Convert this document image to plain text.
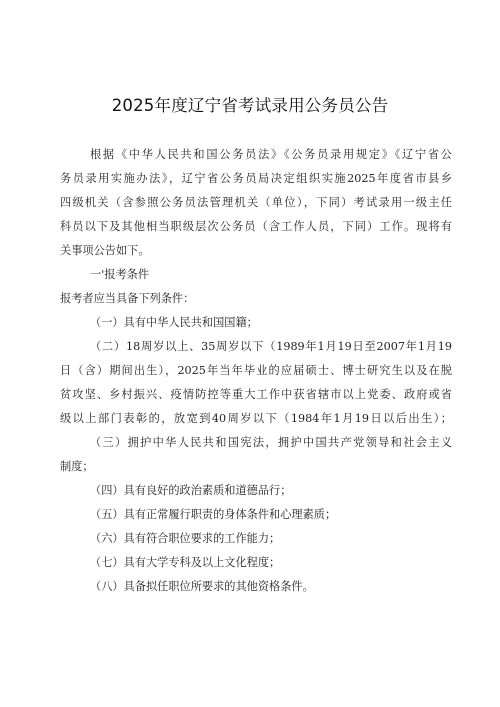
2025年度辽宁省考试录用公务员公告
根据《中华人民共和国公务员法》《公务员录用规定》《辽宁省公
务员录用实施办法》，辽宁省公务员局决定组织实施2025年度省市县乡
四级机关（含参照公务员法管理机关（单位），下同）考试录用一级主任
科员以下及其他相当职级层次公务员（含工作人员，下同）工作。现将有
关事项公告如下。
一'报考条件
报考者应当具备下列条件：
（一）具有中华人民共和国国籍；
（二）18周岁以上、35周岁以下（1989年1月19日至2007年1月19
日（含）期间出生），2025年当年毕业的应届硕士、博士研究生以及在脱
贫攻坚、乡村振兴、疫情防控等重大工作中获省辖市以上党委、政府或省
级以上部门表彰的，放宽到40周岁以下（1984年1月19日以后出生）；
（三）拥护中华人民共和国宪法，拥护中国共产党领导和社会主义
制度；
（四）具有良好的政治素质和道德品行；
（五）具有正常履行职责的身体条件和心理素质；
（六）具有符合职位要求的工作能力；
（七）具有大学专科及以上文化程度；
（八）具备拟任职位所要求的其他资格条件。
